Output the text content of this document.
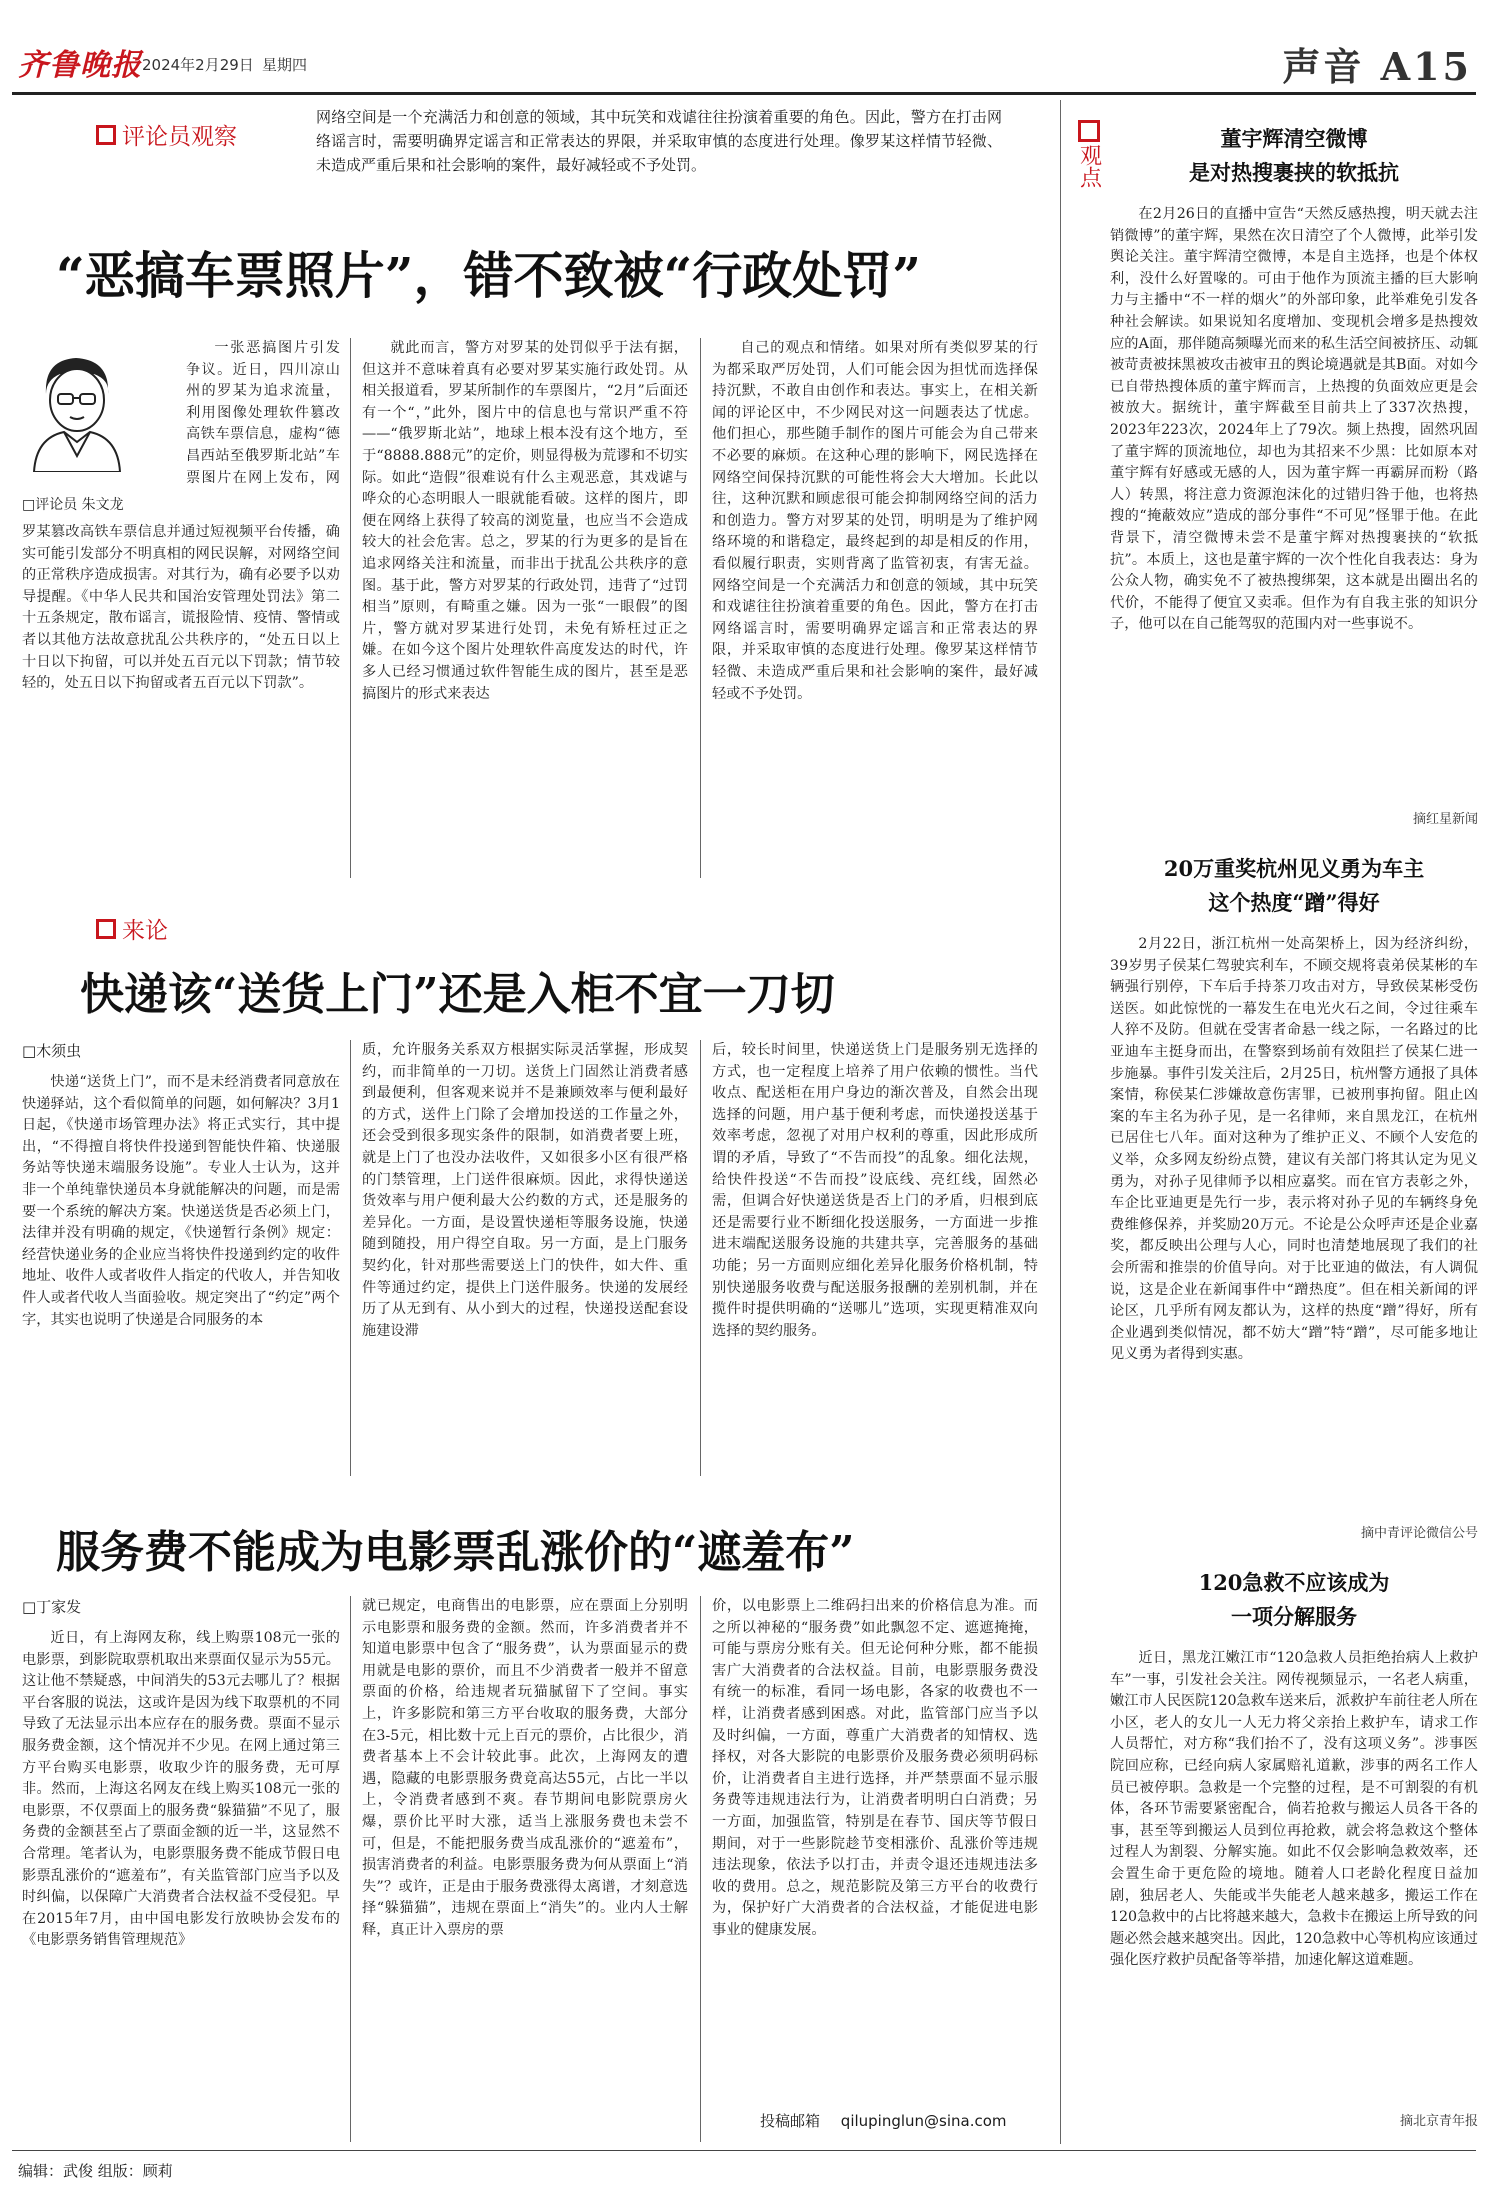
齐鲁晚报 2024年2月29日 星期四	声音 A15
评论员观察
网络空间是一个充满活力和创意的领域，其中玩笑和戏谑往往扮演着重要的角色。因此，警方在打击网络谣言时，需要明确界定谣言和正常表达的界限，并采取审慎的态度进行处理。像罗某这样情节轻微、未造成严重后果和社会影响的案件，最好减轻或不予处罚。
“恶搞车票照片”，错不致被“行政处罚”
□评论员 朱文龙
一张恶搞图片引发争议。近日，四川凉山州的罗某为追求流量，利用图像处理软件篡改高铁车票信息，虚构“德昌西站至俄罗斯北站”车票图片在网上发布，网
罗某篡改高铁车票信息并通过短视频平台传播，确实可能引发部分不明真相的网民误解，对网络空间的正常秩序造成损害。对其行为，确有必要予以劝导提醒。《中华人民共和国治安管理处罚法》第二十五条规定，散布谣言，谎报险情、疫情、警情或者以其他方法故意扰乱公共秩序的，“处五日以上十日以下拘留，可以并处五百元以下罚款；情节较轻的，处五日以下拘留或者五百元以下罚款”。
就此而言，警方对罗某的处罚似乎于法有据，但这并不意味着真有必要对罗某实施行政处罚。从相关报道看，罗某所制作的车票图片，“2月”后面还有一个“，”此外，图片中的信息也与常识严重不符——“俄罗斯北站”，地球上根本没有这个地方，至于“8888.888元”的定价，则显得极为荒谬和不切实际。如此“造假”很难说有什么主观恶意，其戏谑与哗众的心态明眼人一眼就能看破。这样的图片，即便在网络上获得了较高的浏览量，也应当不会造成较大的社会危害。总之，罗某的行为更多的是旨在追求网络关注和流量，而非出于扰乱公共秩序的意图。基于此，警方对罗某的行政处罚，违背了“过罚相当”原则，有畸重之嫌。因为一张“一眼假”的图片，警方就对罗某进行处罚，未免有矫枉过正之嫌。在如今这个图片处理软件高度发达的时代，许多人已经习惯通过软件智能生成的图片，甚至是恶搞图片的形式来表达
自己的观点和情绪。如果对所有类似罗某的行为都采取严厉处罚，人们可能会因为担忧而选择保持沉默，不敢自由创作和表达。事实上，在相关新闻的评论区中，不少网民对这一问题表达了忧虑。他们担心，那些随手制作的图片可能会为自己带来不必要的麻烦。在这种心理的影响下，网民选择在网络空间保持沉默的可能性将会大大增加。长此以往，这种沉默和顾虑很可能会抑制网络空间的活力和创造力。警方对罗某的处罚，明明是为了维护网络环境的和谐稳定，最终起到的却是相反的作用，看似履行职责，实则背离了监管初衷，有害无益。网络空间是一个充满活力和创意的领域，其中玩笑和戏谑往往扮演着重要的角色。因此，警方在打击网络谣言时，需要明确界定谣言和正常表达的界限，并采取审慎的态度进行处理。像罗某这样情节轻微、未造成严重后果和社会影响的案件，最好减轻或不予处罚。
来论
快递该“送货上门”还是入柜不宜一刀切
□木须虫
快递“送货上门”，而不是未经消费者同意放在快递驿站，这个看似简单的问题，如何解决？3月1日起，《快递市场管理办法》将正式实行，其中提出，“不得擅自将快件投递到智能快件箱、快递服务站等快递末端服务设施”。专业人士认为，这并非一个单纯靠快递员本身就能解决的问题，而是需要一个系统的解决方案。快递送货是否必须上门，法律并没有明确的规定，《快递暂行条例》规定：经营快递业务的企业应当将快件投递到约定的收件地址、收件人或者收件人指定的代收人，并告知收件人或者代收人当面验收。规定突出了“约定”两个字，其实也说明了快递是合同服务的本
质，允许服务关系双方根据实际灵活掌握，形成契约，而非简单的一刀切。送货上门固然让消费者感到最便利，但客观来说并不是兼顾效率与便利最好的方式，送件上门除了会增加投送的工作量之外，还会受到很多现实条件的限制，如消费者要上班，就是上门了也没办法收件，又如很多小区有很严格的门禁管理，上门送件很麻烦。因此，求得快递送货效率与用户便利最大公约数的方式，还是服务的差异化。一方面，是设置快递柜等服务设施，快递随到随投，用户得空自取。另一方面，是上门服务契约化，针对那些需要送上门的快件，如大件、重件等通过约定，提供上门送件服务。快递的发展经历了从无到有、从小到大的过程，快递投送配套设施建设滞
后，较长时间里，快递送货上门是服务别无选择的方式，也一定程度上培养了用户依赖的惯性。当代收点、配送柜在用户身边的渐次普及，自然会出现选择的问题，用户基于便利考虑，而快递投送基于效率考虑，忽视了对用户权利的尊重，因此形成所谓的矛盾，导致了“不告而投”的乱象。细化法规，给快件投送“不告而投”设底线、亮红线，固然必需，但调合好快递送货是否上门的矛盾，归根到底还是需要行业不断细化投送服务，一方面进一步推进末端配送服务设施的共建共享，完善服务的基础功能；另一方面则应细化差异化服务价格机制，特别快递服务收费与配送服务报酬的差别机制，并在揽件时提供明确的“送哪儿”选项，实现更精准双向选择的契约服务。
服务费不能成为电影票乱涨价的“遮羞布”
□丁家发
近日，有上海网友称，线上购票108元一张的电影票，到影院取票机取出来票面仅显示为55元。这让他不禁疑惑，中间消失的53元去哪儿了？根据平台客服的说法，这或许是因为线下取票机的不同导致了无法显示出本应存在的服务费。票面不显示服务费金额，这个情况并不少见。在网上通过第三方平台购买电影票，收取少许的服务费，无可厚非。然而，上海这名网友在线上购买108元一张的电影票，不仅票面上的服务费“躲猫猫”不见了，服务费的金额甚至占了票面金额的近一半，这显然不合常理。笔者认为，电影票服务费不能成节假日电影票乱涨价的“遮羞布”，有关监管部门应当予以及时纠偏，以保障广大消费者合法权益不受侵犯。早在2015年7月，由中国电影发行放映协会发布的《电影票务销售管理规范》
就已规定，电商售出的电影票，应在票面上分别明示电影票和服务费的金额。然而，许多消费者并不知道电影票中包含了“服务费”，认为票面显示的费用就是电影的票价，而且不少消费者一般并不留意票面的价格，给违规者玩猫腻留下了空间。事实上，许多影院和第三方平台收取的服务费，大部分在3-5元，相比数十元上百元的票价，占比很少，消费者基本上不会计较此事。此次，上海网友的遭遇，隐藏的电影票服务费竟高达55元，占比一半以上，令消费者感到不爽。春节期间电影院票房火爆，票价比平时大涨，适当上涨服务费也未尝不可，但是，不能把服务费当成乱涨价的“遮羞布”，损害消费者的利益。电影票服务费为何从票面上“消失”？或许，正是由于服务费涨得太离谱，才刻意选择“躲猫猫”，违规在票面上“消失”的。业内人士解释，真正计入票房的票
价，以电影票上二维码扫出来的价格信息为准。而之所以神秘的“服务费”如此飘忽不定、遮遮掩掩，可能与票房分账有关。但无论何种分账，都不能损害广大消费者的合法权益。目前，电影票服务费没有统一的标准，看同一场电影，各家的收费也不一样，让消费者感到困惑。对此，监管部门应当予以及时纠偏，一方面，尊重广大消费者的知情权、选择权，对各大影院的电影票价及服务费必须明码标价，让消费者自主进行选择，并严禁票面不显示服务费等违规违法行为，让消费者明明白白消费；另一方面，加强监管，特别是在春节、国庆等节假日期间，对于一些影院趁节变相涨价、乱涨价等违规违法现象，依法予以打击，并责令退还违规违法多收的费用。总之，规范影院及第三方平台的收费行为，保护好广大消费者的合法权益，才能促进电影事业的健康发展。
投稿邮箱 qilupinglun@sina.com
观点
董宇辉清空微博
是对热搜裹挟的软抵抗
在2月26日的直播中宣告“天然反感热搜，明天就去注销微博”的董宇辉，果然在次日清空了个人微博，此举引发舆论关注。董宇辉清空微博，本是自主选择，也是个体权利，没什么好置喙的。可由于他作为顶流主播的巨大影响力与主播中“不一样的烟火”的外部印象，此举难免引发各种社会解读。如果说知名度增加、变现机会增多是热搜效应的A面，那伴随高频曝光而来的私生活空间被挤压、动辄被苛责被抹黑被攻击被审丑的舆论境遇就是其B面。对如今已自带热搜体质的董宇辉而言，上热搜的负面效应更是会被放大。据统计，董宇辉截至目前共上了337次热搜，2023年223次，2024年上了79次。频上热搜，固然巩固了董宇辉的顶流地位，却也为其招来不少黑：比如原本对董宇辉有好感或无感的人，因为董宇辉一再霸屏而粉（路人）转黑，将注意力资源泡沫化的过错归咎于他，也将热搜的“掩蔽效应”造成的部分事件“不可见”怪罪于他。在此背景下，清空微博未尝不是董宇辉对热搜裹挟的“软抵抗”。本质上，这也是董宇辉的一次个性化自我表达：身为公众人物，确实免不了被热搜绑架，这本就是出圈出名的代价，不能得了便宜又卖乖。但作为有自我主张的知识分子，他可以在自己能驾驭的范围内对一些事说不。
摘红星新闻
20万重奖杭州见义勇为车主
这个热度“蹭”得好
2月22日，浙江杭州一处高架桥上，因为经济纠纷，39岁男子侯某仁驾驶宾利车，不顾交规将袁弟侯某彬的车辆强行别停，下车后手持茶刀攻击对方，导致侯某彬受伤送医。如此惊恍的一幕发生在电光火石之间，令过往乘车人猝不及防。但就在受害者命悬一线之际，一名路过的比亚迪车主挺身而出，在警察到场前有效阻拦了侯某仁进一步施暴。事件引发关注后，2月25日，杭州警方通报了具体案情，称侯某仁涉嫌故意伤害罪，已被刑事拘留。阻止凶案的车主名为孙子见，是一名律师，来自黑龙江，在杭州已居住七八年。面对这种为了维护正义、不顾个人安危的义举，众多网友纷纷点赞，建议有关部门将其认定为见义勇为，对孙子见律师予以相应嘉奖。而在官方表彰之外，车企比亚迪更是先行一步，表示将对孙子见的车辆终身免费维修保养，并奖励20万元。不论是公众呼声还是企业嘉奖，都反映出公理与人心，同时也清楚地展现了我们的社会所需和推崇的价值导向。对于比亚迪的做法，有人调侃说，这是企业在新闻事件中“蹭热度”。但在相关新闻的评论区，几乎所有网友都认为，这样的热度“蹭”得好，所有企业遇到类似情况，都不妨大“蹭”特“蹭”，尽可能多地让见义勇为者得到实惠。
摘中青评论微信公号
120急救不应该成为
一项分解服务
近日，黑龙江嫩江市“120急救人员拒绝抬病人上救护车”一事，引发社会关注。网传视频显示，一名老人病重，嫩江市人民医院120急救车送来后，派救护车前往老人所在小区，老人的女儿一人无力将父亲抬上救护车，请求工作人员帮忙，对方称“我们抬不了，没有这项义务”。涉事医院回应称，已经向病人家属赔礼道歉，涉事的两名工作人员已被停职。急救是一个完整的过程，是不可割裂的有机体，各环节需要紧密配合，倘若抢救与搬运人员各干各的事，甚至等到搬运人员到位再抢救，就会将急救这个整体过程人为割裂、分解实施。如此不仅会影响急救效率，还会置生命于更危险的境地。随着人口老龄化程度日益加剧，独居老人、失能或半失能老人越来越多，搬运工作在120急救中的占比将越来越大，急救卡在搬运上所导致的问题必然会越来越突出。因此，120急救中心等机构应该通过强化医疗救护员配备等举措，加速化解这道难题。
摘北京青年报
编辑：武俊 组版：顾莉
